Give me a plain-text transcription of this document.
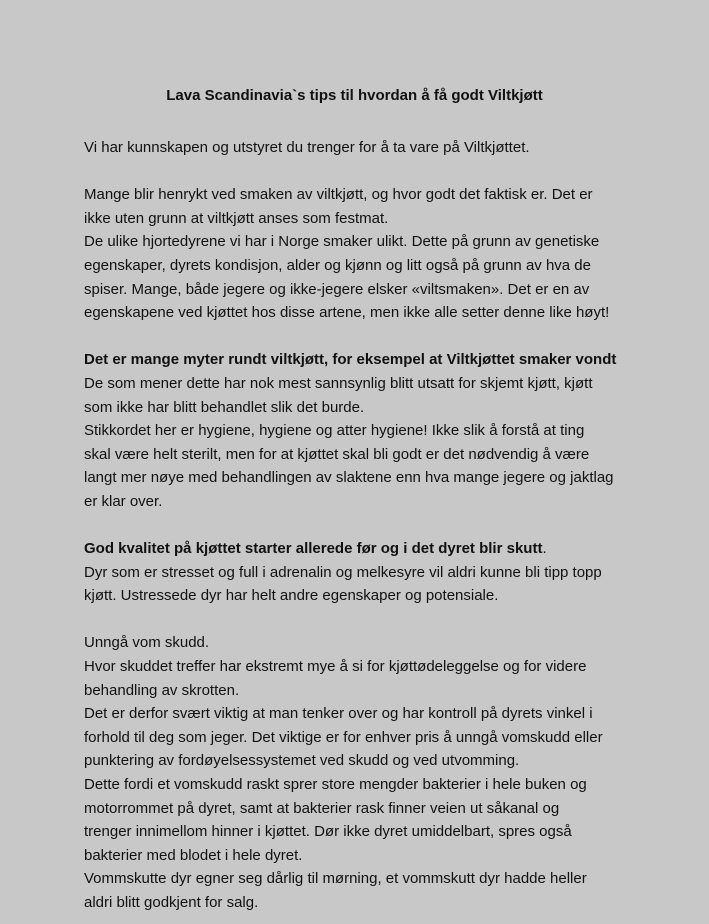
Lava Scandinavia`s tips til hvordan å få godt Viltkjøtt

Vi har kunnskapen og utstyret du trenger for å ta vare på Viltkjøttet.

Mange blir henrykt ved smaken av viltkjøtt, og hvor godt det faktisk er. Det er
ikke uten grunn at viltkjøtt anses som festmat.
De ulike hjortedyrene vi har i Norge smaker ulikt. Dette på grunn av genetiske
egenskaper, dyrets kondisjon, alder og kjønn og litt også på grunn av hva de
spiser. Mange, både jegere og ikke-jegere elsker «viltsmaken». Det er en av
egenskapene ved kjøttet hos disse artene, men ikke alle setter denne like høyt!

Det er mange myter rundt viltkjøtt, for eksempel at Viltkjøttet smaker vondt
De som mener dette har nok mest sannsynlig blitt utsatt for skjemt kjøtt, kjøtt
som ikke har blitt behandlet slik det burde.
Stikkordet her er hygiene, hygiene og atter hygiene! Ikke slik å forstå at ting
skal være helt sterilt, men for at kjøttet skal bli godt er det nødvendig å være
langt mer nøye med behandlingen av slaktene enn hva mange jegere og jaktlag
er klar over.

God kvalitet på kjøttet starter allerede før og i det dyret blir skutt.
Dyr som er stresset og full i adrenalin og melkesyre vil aldri kunne bli tipp topp
kjøtt. Ustressede dyr har helt andre egenskaper og potensiale.

Unngå vom skudd.
Hvor skuddet treffer har ekstremt mye å si for kjøttødeleggelse og for videre
behandling av skrotten.
Det er derfor svært viktig at man tenker over og har kontroll på dyrets vinkel i
forhold til deg som jeger. Det viktige er for enhver pris å unngå vomskudd eller
punktering av fordøyelsessystemet ved skudd og ved utvomming.
Dette fordi et vomskudd raskt sprer store mengder bakterier i hele buken og
motorrommet på dyret, samt at bakterier rask finner veien ut såkanal og
trenger innimellom hinner i kjøttet. Dør ikke dyret umiddelbart, spres også
bakterier med blodet i hele dyret.
Vommskutte dyr egner seg dårlig til mørning, et vommskutt dyr hadde heller
aldri blitt godkjent for salg.
